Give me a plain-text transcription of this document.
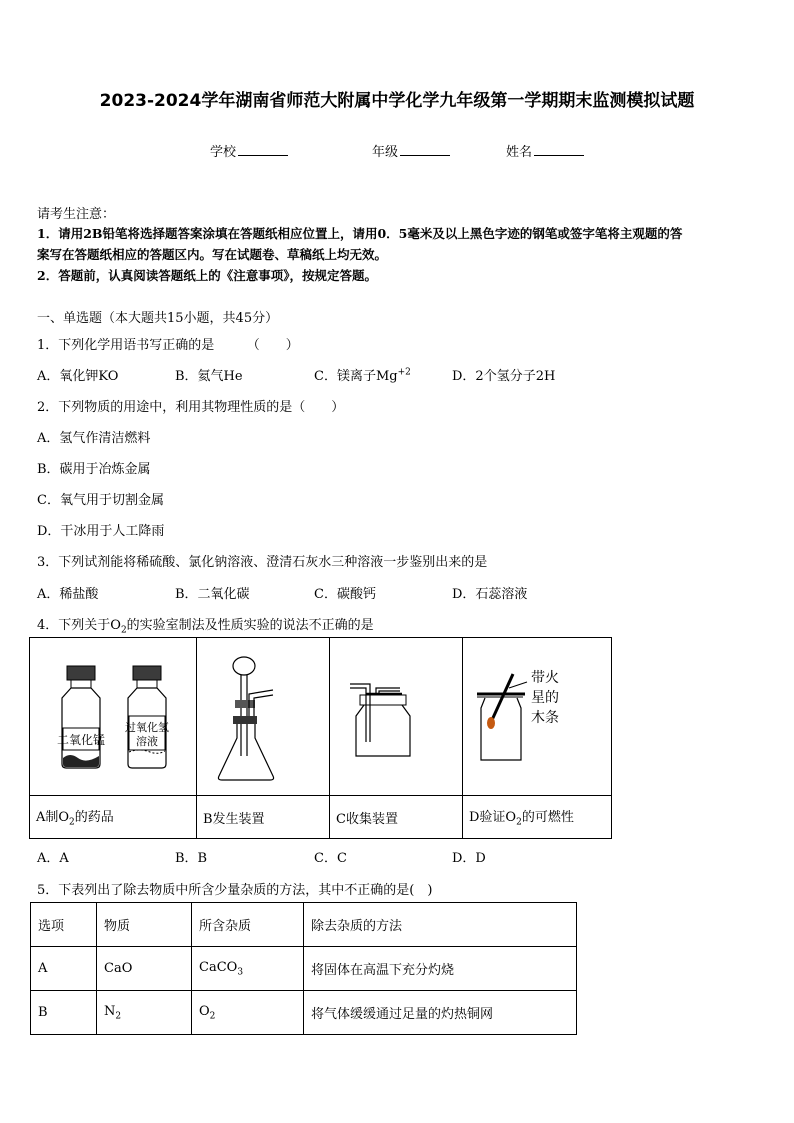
2023-2024学年湖南省师范大附属中学化学九年级第一学期期末监测模拟试题
学校	年级	姓名
请考生注意：
1．请用2B铅笔将选择题答案涂填在答题纸相应位置上，请用0．5毫米及以上黑色字迹的钢笔或签字笔将主观题的答
案写在答题纸相应的答题区内。写在试题卷、草稿纸上均无效。
2．答题前，认真阅读答题纸上的《注意事项》，按规定答题。
一、单选题（本大题共15小题，共45分）
1．下列化学用语书写正确的是　　　（　　）
A．氧化钾KO	B．氦气He	C．镁离子$Mg^{+2}$	D．2个氢分子2H
2．下列物质的用途中，利用其物理性质的是（　　）
A．氢气作清洁燃料
B．碳用于冶炼金属
C．氧气用于切割金属
D．干冰用于人工降雨
3．下列试剂能将稀硫酸、氯化钠溶液、澄清石灰水三种溶液一步鉴别出来的是
A．稀盐酸	B．二氧化碳	C．碳酸钙	D．石蕊溶液
4．下列关于$O_2$的实验室制法及性质实验的说法不正确的是
二氧化锰
过氧化氢
溶液			带火
星的
木条

A制$O_2$的药品	B发生装置	C收集装置	D验证$O_2$的可燃性
A．A	B．B	C．C	D．D
5．下表列出了除去物质中所含少量杂质的方法，其中不正确的是(　)
选项	物质	所含杂质	除去杂质的方法
A	CaO	CaCO$_3$	将固体在高温下充分灼烧
B	$N_2$	$O_2$	将气体缓缓通过足量的灼热铜网
